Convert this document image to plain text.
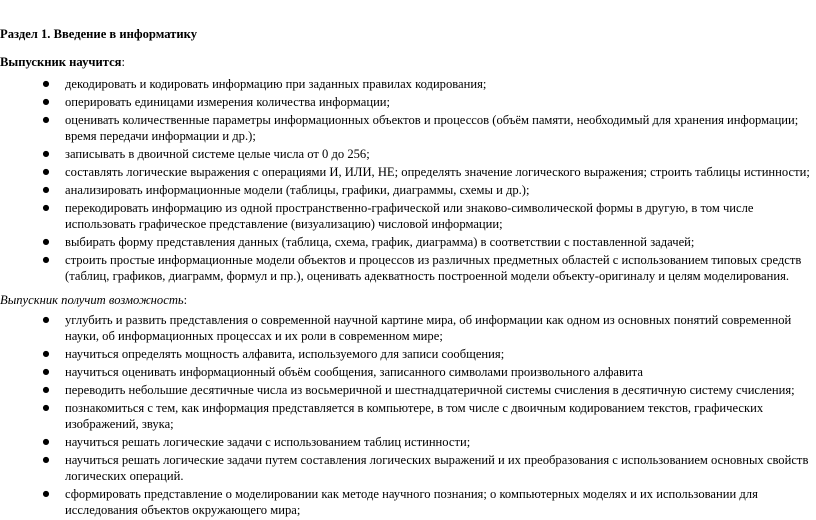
Раздел 1. Введение в информатику
Выпускник научится:
● декодировать и кодировать информацию при заданных правилах кодирования;
● оперировать единицами измерения количества информации;
● оценивать количественные параметры информационных объектов и процессов (объём памяти, необходимый для хранения информации; время передачи информации и др.);
● записывать в двоичной системе целые числа от 0 до 256;
● составлять логические выражения с операциями И, ИЛИ, НЕ; определять значение логического выражения; строить таблицы истинности;
● анализировать информационные модели (таблицы, графики, диаграммы, схемы и др.);
● перекодировать информацию из одной пространственно-графической или знаково-символической формы в другую, в том числе использовать графическое представление (визуализацию) числовой информации;
● выбирать форму представления данных (таблица, схема, график, диаграмма) в соответствии с поставленной задачей;
● строить простые информационные модели объектов и процессов из различных предметных областей с использованием типовых средств (таблиц, графиков, диаграмм, формул и пр.), оценивать адекватность построенной модели объекту-оригиналу и целям моделирования.
Выпускник получит возможность:
● углубить и развить представления о современной научной картине мира, об информации как одном из основных понятий современной науки, об информационных процессах и их роли в современном мире;
● научиться определять мощность алфавита, используемого для записи сообщения;
● научиться оценивать информационный объём сообщения, записанного символами произвольного алфавита
● переводить небольшие десятичные числа из восьмеричной и шестнадцатеричной системы счисления в десятичную систему счисления;
● познакомиться с тем, как информация представляется в компьютере, в том числе с двоичным кодированием текстов, графических изображений, звука;
● научиться решать логические задачи с использованием таблиц истинности;
● научиться решать логические задачи путем составления логических выражений и их преобразования с использованием основных свойств логических операций.
● сформировать представление о моделировании как методе научного познания; о компьютерных моделях и их использовании для исследования объектов окружающего мира;
